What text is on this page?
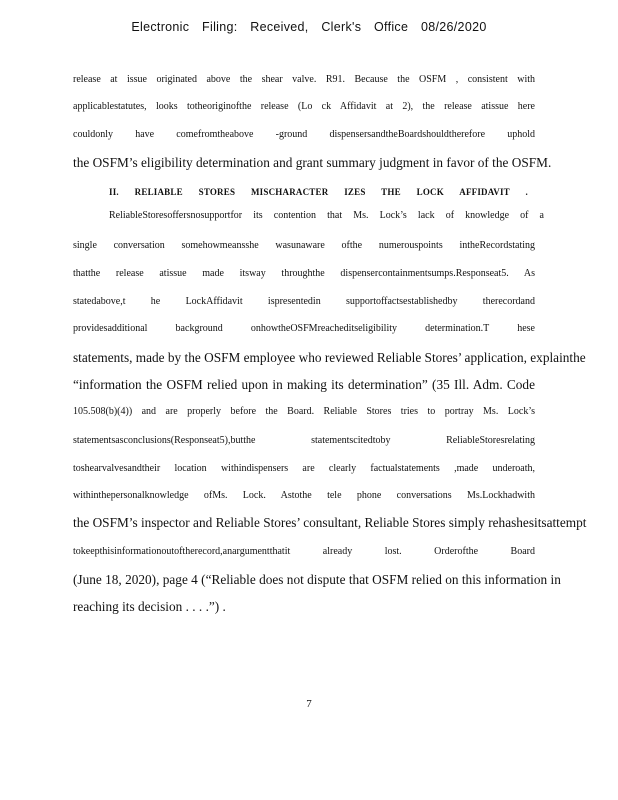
Electronic Filing: Received, Clerk's Office 08/26/2020
release at issue originated above the shear valve. R91. Because the OSFM , consistent with
applicablestatutes, looks totheoriginofthe release (Lo ck Affidavit at 2), the release atissue here
couldonly have comefromtheabove -ground dispensersandtheBoardshouldtherefore uphold
the OSFM’s eligibility determination and grant summary judgment in favor of the OSFM.
II. RELIABLE STORES MISCHARACTER IZES THE LOCK AFFIDAVIT .
ReliableStoresoffersnosupportfor its contention that Ms. Lock’s lack of knowledge of a
single conversation somehowmeansshe wasunaware ofthe numerouspoints intheRecordstating
thatthe release atissue made itsway throughthe dispensercontainmentsumps.Responseat5. As
statedabove,t he LockAffidavit ispresentedin supportoffactsestablishedby therecordand
providesadditional background onhowtheOSFMreacheditseligibility determination.T hese
statements, made by the OSFM employee who reviewed Reliable Stores’ application, explainthe
“information the OSFM relied upon in making its determination” (35 Ill. Adm. Code
105.508(b)(4)) and are properly before the Board. Reliable Stores tries to portray Ms. Lock’s
statementsasconclusions(Responseat5),butthe statementscitedtoby ReliableStoresrelating
toshearvalvesandtheir location withindispensers are clearly factualstatements ,made underoath,
withinthepersonalknowledge ofMs. Lock. Astothe tele phone conversations Ms.Lockhadwith
the OSFM’s inspector and Reliable Stores’ consultant, Reliable Stores simply rehashesitsattempt
tokeepthisinformationoutoftherecord,anargumentthatit already lost. Orderofthe Board
(June 18, 2020), page 4 (“Reliable does not dispute that OSFM relied on this information in
reaching its decision . . . .”) .
7
